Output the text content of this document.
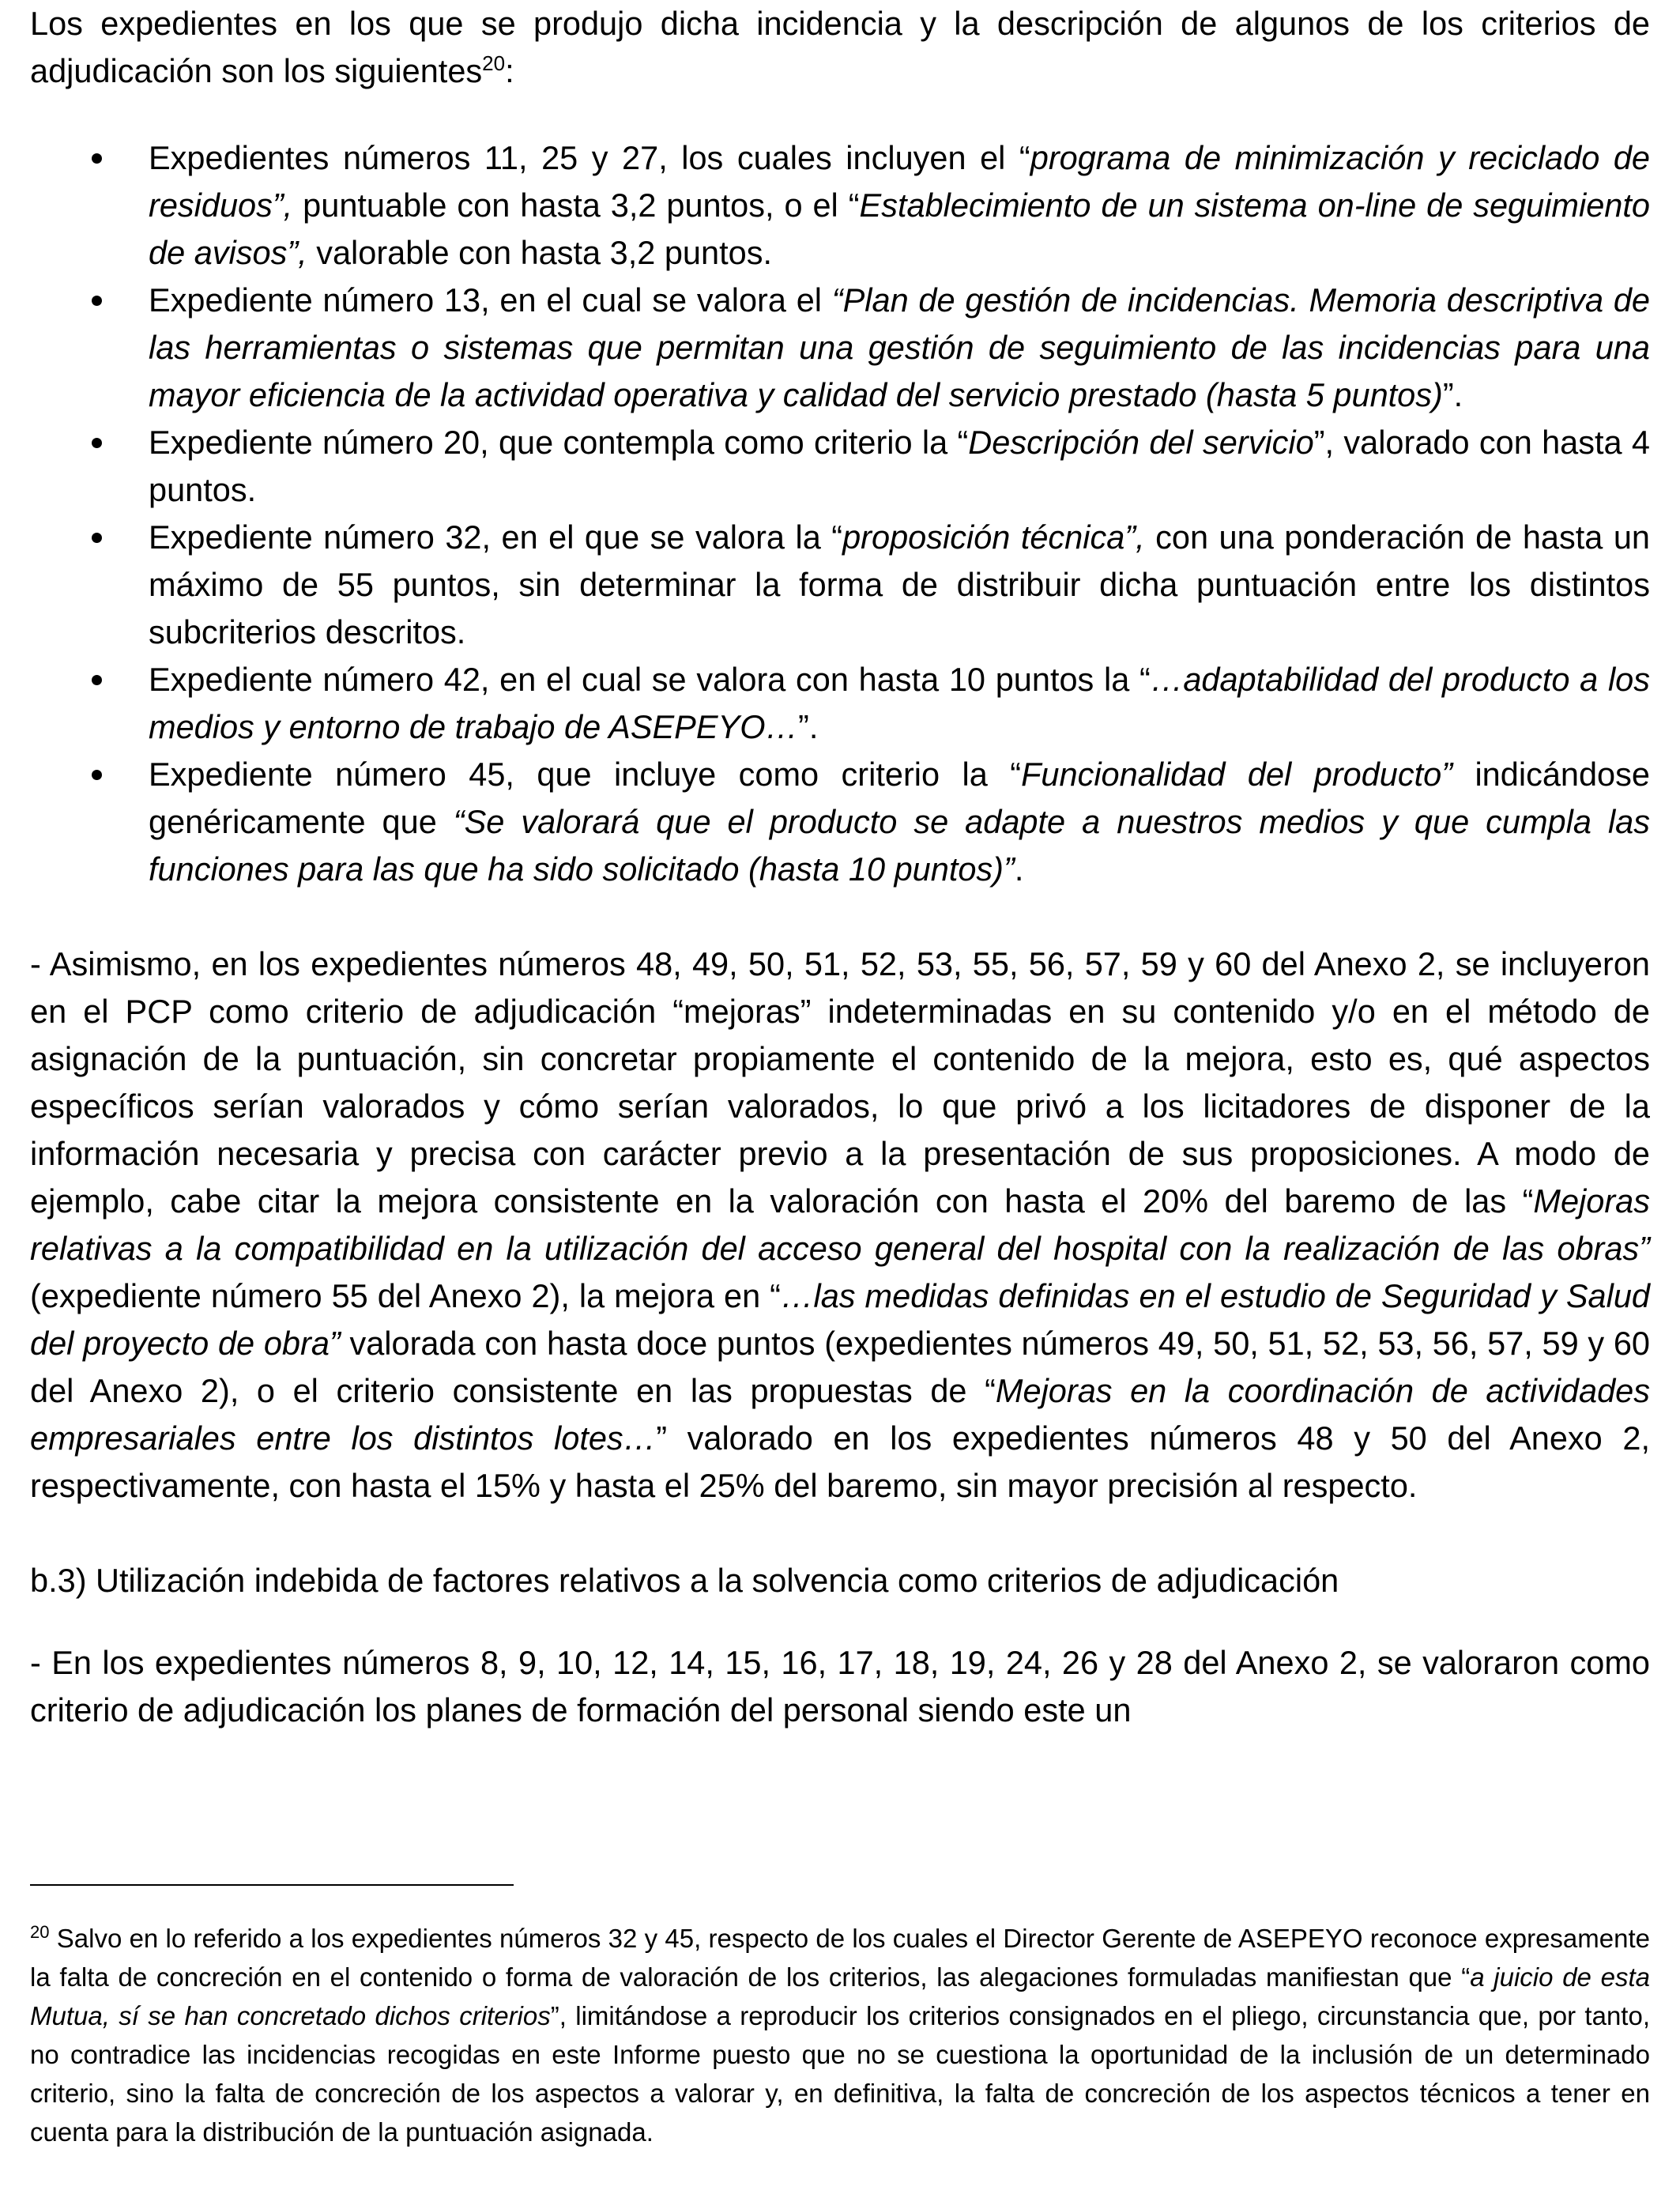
Los expedientes en los que se produjo dicha incidencia y la descripción de algunos de los criterios de adjudicación son los siguientes$^{20}$:

Expedientes números 11, 25 y 27, los cuales incluyen el “programa de minimización y reciclado de residuos”, puntuable con hasta 3,2 puntos, o el “Establecimiento de un sistema on-line de seguimiento de avisos”, valorable con hasta 3,2 puntos.
Expediente número 13, en el cual se valora el “Plan de gestión de incidencias. Memoria descriptiva de las herramientas o sistemas que permitan una gestión de seguimiento de las incidencias para una mayor eficiencia de la actividad operativa y calidad del servicio prestado (hasta 5 puntos)”.
Expediente número 20, que contempla como criterio la “Descripción del servicio”, valorado con hasta 4 puntos.
Expediente número 32, en el que se valora la “proposición técnica”, con una ponderación de hasta un máximo de 55 puntos, sin determinar la forma de distribuir dicha puntuación entre los distintos subcriterios descritos.
Expediente número 42, en el cual se valora con hasta 10 puntos la “…adaptabilidad del producto a los medios y entorno de trabajo de ASEPEYO…”.
Expediente número 45, que incluye como criterio la “Funcionalidad del producto” indicándose genéricamente que “Se valorará que el producto se adapte a nuestros medios y que cumpla las funciones para las que ha sido solicitado (hasta 10 puntos)”.

- Asimismo, en los expedientes números 48, 49, 50, 51, 52, 53, 55, 56, 57, 59 y 60 del Anexo 2, se incluyeron en el PCP como criterio de adjudicación “mejoras” indeterminadas en su contenido y/o en el método de asignación de la puntuación, sin concretar propiamente el contenido de la mejora, esto es, qué aspectos específicos serían valorados y cómo serían valorados, lo que privó a los licitadores de disponer de la información necesaria y precisa con carácter previo a la presentación de sus proposiciones. A modo de ejemplo, cabe citar la mejora consistente en la valoración con hasta el 20% del baremo de las “Mejoras relativas a la compatibilidad en la utilización del acceso general del hospital con la realización de las obras” (expediente número 55 del Anexo 2), la mejora en “…las medidas definidas en el estudio de Seguridad y Salud del proyecto de obra” valorada con hasta doce puntos (expedientes números 49, 50, 51, 52, 53, 56, 57, 59 y 60 del Anexo 2), o el criterio consistente en las propuestas de “Mejoras en la coordinación de actividades empresariales entre los distintos lotes…” valorado en los expedientes números 48 y 50 del Anexo 2, respectivamente, con hasta el 15% y hasta el 25% del baremo, sin mayor precisión al respecto.

b.3) Utilización indebida de factores relativos a la solvencia como criterios de adjudicación

- En los expedientes números 8, 9, 10, 12, 14, 15, 16, 17, 18, 19, 24, 26 y 28 del Anexo 2, se valoraron como criterio de adjudicación los planes de formación del personal siendo este un

$^{20}$ Salvo en lo referido a los expedientes números 32 y 45, respecto de los cuales el Director Gerente de ASEPEYO reconoce expresamente la falta de concreción en el contenido o forma de valoración de los criterios, las alegaciones formuladas manifiestan que “a juicio de esta Mutua, sí se han concretado dichos criterios”, limitándose a reproducir los criterios consignados en el pliego, circunstancia que, por tanto, no contradice las incidencias recogidas en este Informe puesto que no se cuestiona la oportunidad de la inclusión de un determinado criterio, sino la falta de concreción de los aspectos a valorar y, en definitiva, la falta de concreción de los aspectos técnicos a tener en cuenta para la distribución de la puntuación asignada.
